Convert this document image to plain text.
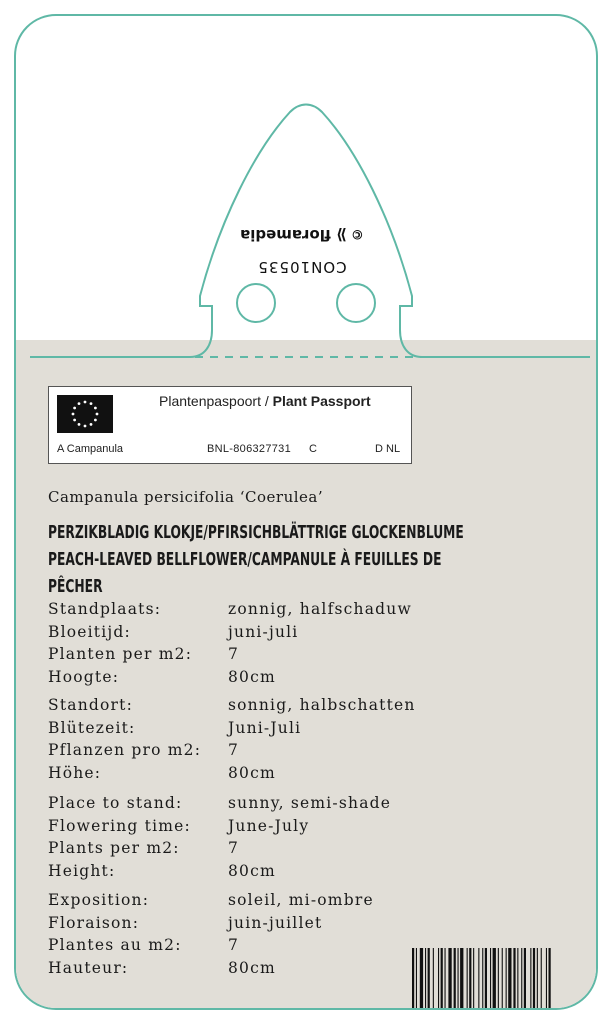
©⟫ floramedia
CON10535
Plantenpaspoort / Plant Passport
A Campanula	BNL-806327731 C	D NL
Campanula persicifolia ‘Coerulea’
PERZIKBLADIG KLOKJE/PFIRSICHBLÄTTRIGE GLOCKENBLUME
PEACH-LEAVED BELLFLOWER/CAMPANULE À FEUILLES DE
PÊCHER
Standplaats:	zonnig, halfschaduw
Bloeitijd:	juni-juli
Planten per m2: 7
Hoogte:	80cm
Standort:	sonnig, halbschatten
Blütezeit:	Juni-Juli
Pflanzen pro m2: 7
Höhe:	80cm
Place to stand:	sunny, semi-shade
Flowering time: June-July
Plants per m2:	7
Height:	80cm
Exposition:	soleil, mi-ombre
Floraison:	juin-juillet
Plantes au m2:	7
Hauteur:	80cm
